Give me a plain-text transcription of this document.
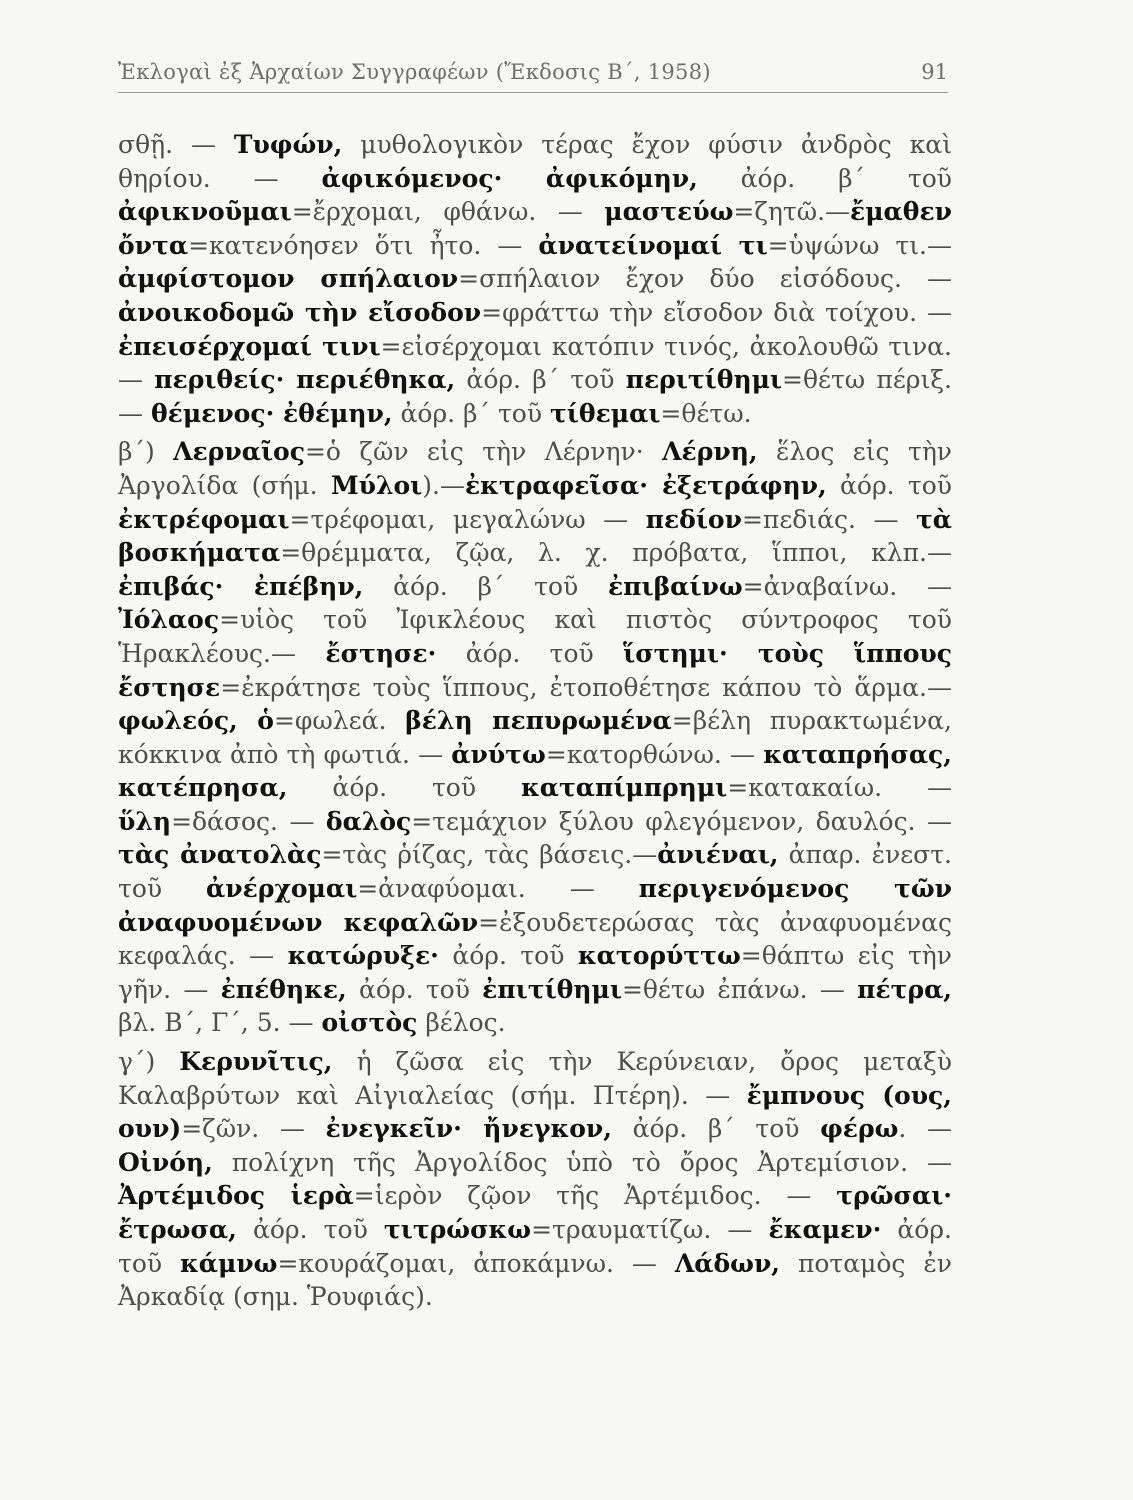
Ἐκλογαὶ ἐξ Ἀρχαίων Συγγραφέων (Ἔκδοσις Β΄, 1958)	91

σθῇ. — Τυφών, μυθολογικὸν τέρας ἔχον φύσιν ἀνδρὸς καὶ θηρίου. — ἀφικόμενος· ἀφικόμην, ἀόρ. β΄ τοῦ ἀφικνοῦμαι=ἔρχομαι, φθάνω. — μαστεύω=ζητῶ.—ἔμαθεν ὄντα=κατενόησεν ὅτι ἦτο. — ἀνατείνομαί τι=ὑψώνω τι.—ἀμφίστομον σπήλαιον=σπήλαιον ἔχον δύο εἰσόδους. — ἀνοικοδομῶ τὴν εἴσοδον=φράττω τὴν εἴσοδον διὰ τοίχου. — ἐπεισέρχομαί τινι=εἰσέρχομαι κατόπιν τινός, ἀκολουθῶ τινα. — περιθείς· περιέθηκα, ἀόρ. β΄ τοῦ περιτίθημι=θέτω πέριξ. — θέμενος· ἐθέμην, ἀόρ. β΄ τοῦ τίθεμαι=θέτω.

β΄) Λερναῖος=ὁ ζῶν εἰς τὴν Λέρνην· Λέρνη, ἕλος εἰς τὴν Ἀργολίδα (σήμ. Μύλοι).—ἐκτραφεῖσα· ἐξετράφην, ἀόρ. τοῦ ἐκτρέφομαι=τρέφομαι, μεγαλώνω — πεδίον=πεδιάς. — τὰ βοσκήματα=θρέμματα, ζῷα, λ. χ. πρόβατα, ἵπποι, κλπ.— ἐπιβάς· ἐπέβην, ἀόρ. β΄ τοῦ ἐπιβαίνω=ἀναβαίνω. — Ἰόλαος=υἱὸς τοῦ Ἰφικλέους καὶ πιστὸς σύντροφος τοῦ Ἡρακλέους.— ἔστησε· ἀόρ. τοῦ ἵστημι· τοὺς ἵππους ἔστησε=ἐκράτησε τοὺς ἵππους, ἐτοποθέτησε κάπου τὸ ἅρμα.— φωλεός, ὁ=φωλεά. βέλη πεπυρωμένα=βέλη πυρακτωμένα, κόκκινα ἀπὸ τὴ φωτιά. — ἀνύτω=κατορθώνω. — καταπρήσας, κατέπρησα, ἀόρ. τοῦ καταπίμπρημι=κατακαίω. — ὕλη=δάσος. — δαλὸς=τεμάχιον ξύλου φλεγόμενον, δαυλός. — τὰς ἀνατολὰς=τὰς ῥίζας, τὰς βάσεις.—ἀνιέναι, ἀπαρ. ἐνεστ. τοῦ ἀνέρχομαι=ἀναφύομαι. — περιγενόμενος τῶν ἀναφυομένων κεφαλῶν=ἐξουδετερώσας τὰς ἀναφυομένας κεφαλάς. — κατώρυξε· ἀόρ. τοῦ κατορύττω=θάπτω εἰς τὴν γῆν. — ἐπέθηκε, ἀόρ. τοῦ ἐπιτίθημι=θέτω ἐπάνω. — πέτρα, βλ. Β΄, Γ΄, 5. — οἰστὸς βέλος.

γ΄) Κερυνῖτις, ἡ ζῶσα εἰς τὴν Κερύνειαν, ὄρος μεταξὺ Καλαβρύτων καὶ Αἰγιαλείας (σήμ. Πτέρη). — ἔμπνους (ους, ουν)=ζῶν. — ἐνεγκεῖν· ἤνεγκον, ἀόρ. β΄ τοῦ φέρω. — Οἰνόη, πολίχνη τῆς Ἀργολίδος ὑπὸ τὸ ὄρος Ἀρτεμίσιον. — Ἀρτέμιδος ἱερὰ=ἱερὸν ζῷον τῆς Ἀρτέμιδος. — τρῶσαι· ἔτρωσα, ἀόρ. τοῦ τιτρώσκω=τραυματίζω. — ἔκαμεν· ἀόρ. τοῦ κάμνω=κουράζομαι, ἀποκάμνω. — Λάδων, ποταμὸς ἐν Ἀρκαδίᾳ (σημ. Ῥουφιάς).
